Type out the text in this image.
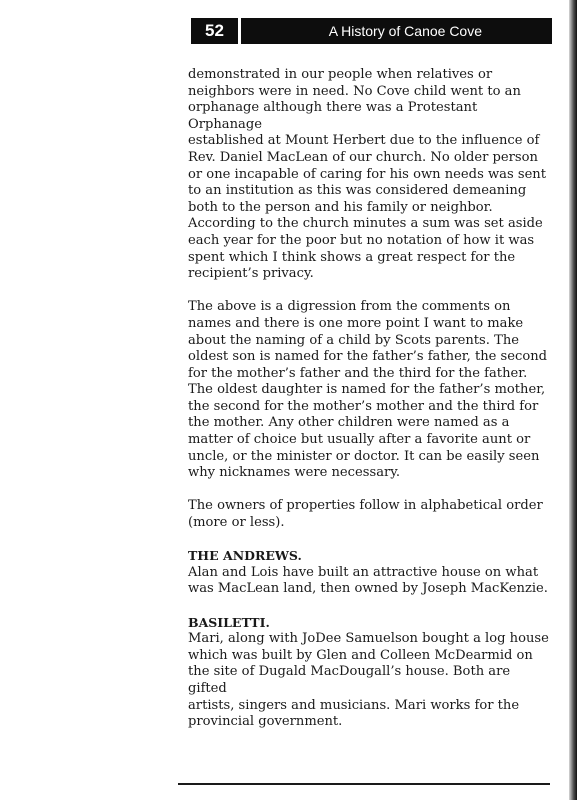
52	A History of Canoe Cove
demonstrated in our people when relatives or
neighbors were in need. No Cove child went to an
orphanage although there was a Protestant Orphanage
established at Mount Herbert due to the influence of
Rev. Daniel MacLean of our church. No older person
or one incapable of caring for his own needs was sent
to an institution as this was considered demeaning
both to the person and his family or neighbor.
According to the church minutes a sum was set aside
each year for the poor but no notation of how it was
spent which I think shows a great respect for the
recipient’s privacy.
The above is a digression from the comments on
names and there is one more point I want to make
about the naming of a child by Scots parents. The
oldest son is named for the father’s father, the second
for the mother’s father and the third for the father.
The oldest daughter is named for the father’s mother,
the second for the mother’s mother and the third for
the mother. Any other children were named as a
matter of choice but usually after a favorite aunt or
uncle, or the minister or doctor. It can be easily seen
why nicknames were necessary.
The owners of properties follow in alphabetical order
(more or less).
THE ANDREWS.
Alan and Lois have built an attractive house on what
was MacLean land, then owned by Joseph MacKenzie.
BASILETTI.
Mari, along with JoDee Samuelson bought a log house
which was built by Glen and Colleen McDearmid on
the site of Dugald MacDougall’s house. Both are gifted
artists, singers and musicians. Mari works for the
provincial government.
